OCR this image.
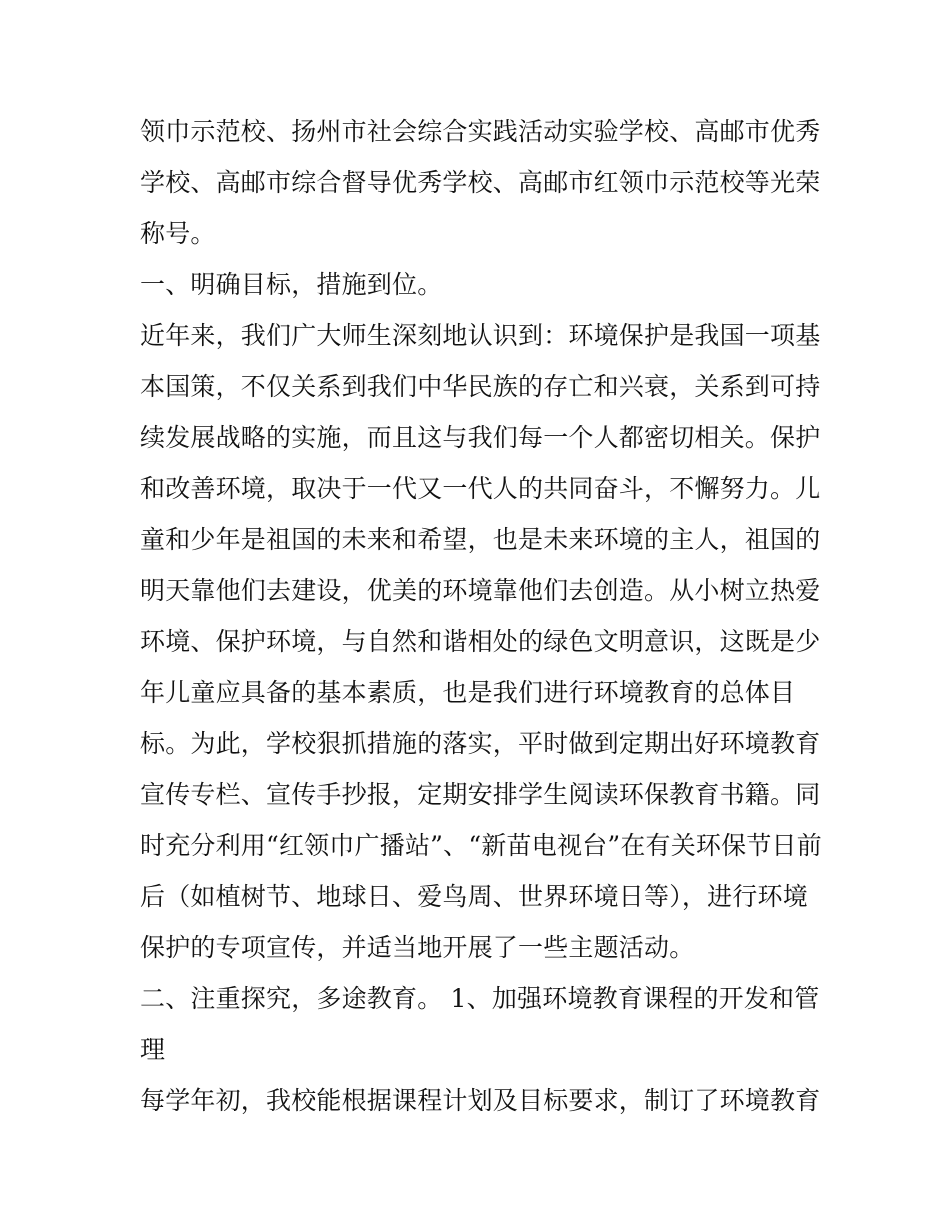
领巾示范校、扬州市社会综合实践活动实验学校、高邮市优秀
学校、高邮市综合督导优秀学校、高邮市红领巾示范校等光荣
称号。
一、明确目标，措施到位。
近年来，我们广大师生深刻地认识到：环境保护是我国一项基
本国策，不仅关系到我们中华民族的存亡和兴衰，关系到可持
续发展战略的实施，而且这与我们每一个人都密切相关。保护
和改善环境，取决于一代又一代人的共同奋斗，不懈努力。儿
童和少年是祖国的未来和希望，也是未来环境的主人，祖国的
明天靠他们去建设，优美的环境靠他们去创造。从小树立热爱
环境、保护环境，与自然和谐相处的绿色文明意识，这既是少
年儿童应具备的基本素质，也是我们进行环境教育的总体目
标。为此，学校狠抓措施的落实，平时做到定期出好环境教育
宣传专栏、宣传手抄报，定期安排学生阅读环保教育书籍。同
时充分利用“红领巾广播站”、“新苗电视台”在有关环保节日前
后（如植树节、地球日、爱鸟周、世界环境日等），进行环境
保护的专项宣传，并适当地开展了一些主题活动。
二、注重探究，多途教育。 1、加强环境教育课程的开发和管
理
每学年初，我校能根据课程计划及目标要求，制订了环境教育
